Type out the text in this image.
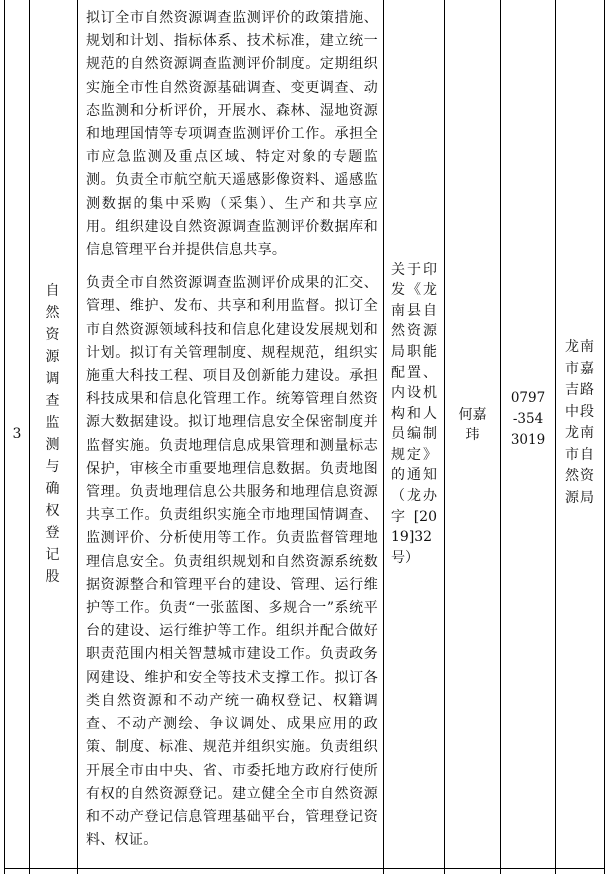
3
自然资源调查监测与确权登记股

拟订全市自然资源调查监测评价的政策措施、规划和计划、指标体系、技术标准，建立统一规范的自然资源调查监测评价制度。定期组织实施全市性自然资源基础调查、变更调查、动态监测和分析评价，开展水、森林、湿地资源和地理国情等专项调查监测评价工作。承担全市应急监测及重点区域、特定对象的专题监测。负责全市航空航天遥感影像资料、遥感监测数据的集中采购（采集）、生产和共享应用。组织建设自然资源调查监测评价数据库和信息管理平台并提供信息共享。

负责全市自然资源调查监测评价成果的汇交、管理、维护、发布、共享和利用监督。拟订全市自然资源领域科技和信息化建设发展规划和计划。拟订有关管理制度、规程规范，组织实施重大科技工程、项目及创新能力建设。承担科技成果和信息化管理工作。统筹管理自然资源大数据建设。拟订地理信息安全保密制度并监督实施。负责地理信息成果管理和测量标志保护，审核全市重要地理信息数据。负责地图管理。负责地理信息公共服务和地理信息资源共享工作。负责组织实施全市地理国情调查、监测评价、分析使用等工作。负责监督管理地理信息安全。负责组织规划和自然资源系统数据资源整合和管理平台的建设、管理、运行维护等工作。负责“一张蓝图、多规合一”系统平台的建设、运行维护等工作。组织并配合做好职责范围内相关智慧城市建设工作。负责政务网建设、维护和安全等技术支撑工作。拟订各类自然资源和不动产统一确权登记、权籍调查、不动产测绘、争议调处、成果应用的政策、制度、标准、规范并组织实施。负责组织开展全市由中央、省、市委托地方政府行使所有权的自然资源登记。建立健全全市自然资源和不动产登记信息管理基础平台，管理登记资料、权证。

关于印发《龙南县自然资源局职能配置、内设机构和人员编制规定》的通知（龙办字[2019]32号）
何嘉玮
0797-3543019
龙南市嘉吉路中段龙南市自然资源局
